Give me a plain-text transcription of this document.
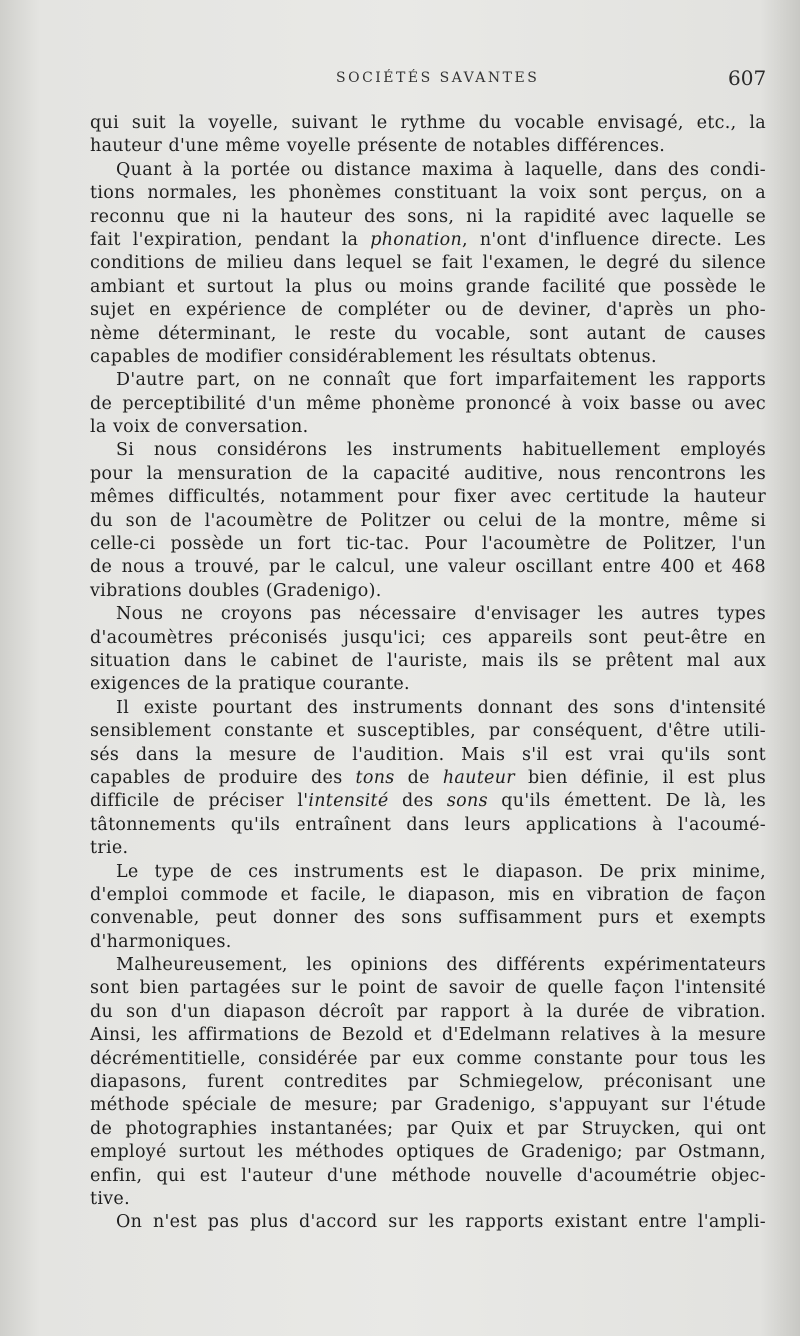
SOCIÉTÉS SAVANTES	607
qui suit la voyelle, suivant le rythme du vocable envisagé, etc., la
hauteur d'une même voyelle présente de notables différences.
Quant à la portée ou distance maxima à laquelle, dans des condi-
tions normales, les phonèmes constituant la voix sont perçus, on a
reconnu que ni la hauteur des sons, ni la rapidité avec laquelle se
fait l'expiration, pendant la phonation, n'ont d'influence directe. Les
conditions de milieu dans lequel se fait l'examen, le degré du silence
ambiant et surtout la plus ou moins grande facilité que possède le
sujet en expérience de compléter ou de deviner, d'après un pho-
nème déterminant, le reste du vocable, sont autant de causes
capables de modifier considérablement les résultats obtenus.
D'autre part, on ne connaît que fort imparfaitement les rapports
de perceptibilité d'un même phonème prononcé à voix basse ou avec
la voix de conversation.
Si nous considérons les instruments habituellement employés
pour la mensuration de la capacité auditive, nous rencontrons les
mêmes difficultés, notamment pour fixer avec certitude la hauteur
du son de l'acoumètre de Politzer ou celui de la montre, même si
celle-ci possède un fort tic-tac. Pour l'acoumètre de Politzer, l'un
de nous a trouvé, par le calcul, une valeur oscillant entre 400 et 468
vibrations doubles (Gradenigo).
Nous ne croyons pas nécessaire d'envisager les autres types
d'acoumètres préconisés jusqu'ici; ces appareils sont peut-être en
situation dans le cabinet de l'auriste, mais ils se prêtent mal aux
exigences de la pratique courante.
Il existe pourtant des instruments donnant des sons d'intensité
sensiblement constante et susceptibles, par conséquent, d'être utili-
sés dans la mesure de l'audition. Mais s'il est vrai qu'ils sont
capables de produire des tons de hauteur bien définie, il est plus
difficile de préciser l'intensité des sons qu'ils émettent. De là, les
tâtonnements qu'ils entraînent dans leurs applications à l'acoumé-
trie.
Le type de ces instruments est le diapason. De prix minime,
d'emploi commode et facile, le diapason, mis en vibration de façon
convenable, peut donner des sons suffisamment purs et exempts
d'harmoniques.
Malheureusement, les opinions des différents expérimentateurs
sont bien partagées sur le point de savoir de quelle façon l'intensité
du son d'un diapason décroît par rapport à la durée de vibration.
Ainsi, les affirmations de Bezold et d'Edelmann relatives à la mesure
décrémentitielle, considérée par eux comme constante pour tous les
diapasons, furent contredites par Schmiegelow, préconisant une
méthode spéciale de mesure; par Gradenigo, s'appuyant sur l'étude
de photographies instantanées; par Quix et par Struycken, qui ont
employé surtout les méthodes optiques de Gradenigo; par Ostmann,
enfin, qui est l'auteur d'une méthode nouvelle d'acoumétrie objec-
tive.
On n'est pas plus d'accord sur les rapports existant entre l'ampli-
